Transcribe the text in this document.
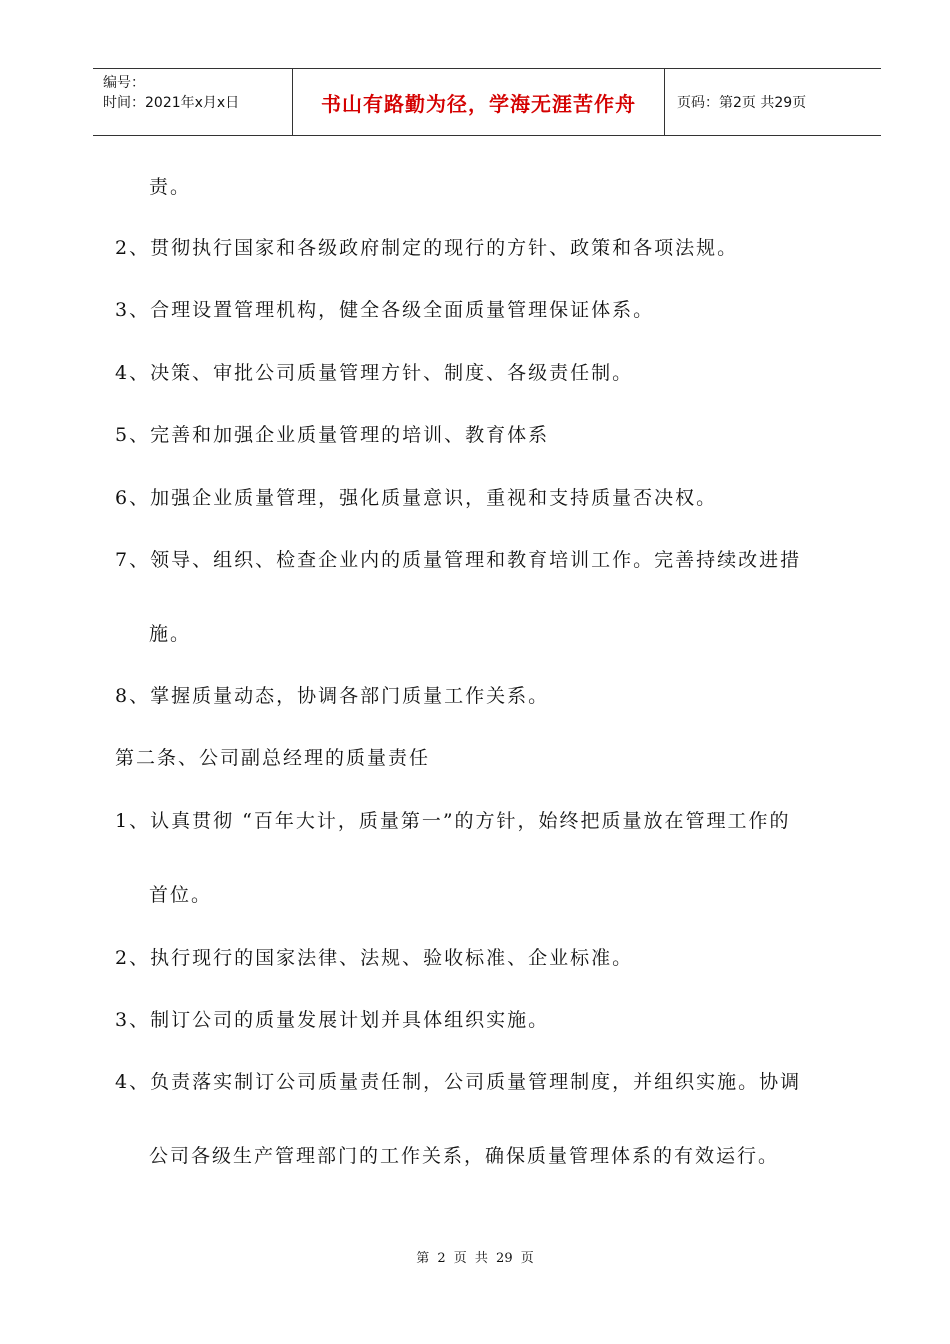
编号：
时间：2021年x月x日	书山有路勤为径，学海无涯苦作舟	页码：第2页 共29页
责。
2、贯彻执行国家和各级政府制定的现行的方针、政策和各项法规。
3、合理设置管理机构，健全各级全面质量管理保证体系。
4、决策、审批公司质量管理方针、制度、各级责任制。
5、完善和加强企业质量管理的培训、教育体系
6、加强企业质量管理，强化质量意识，重视和支持质量否决权。
7、领导、组织、检查企业内的质量管理和教育培训工作。完善持续改进措
施。
8、掌握质量动态，协调各部门质量工作关系。
第二条、公司副总经理的质量责任
1、认真贯彻 “百年大计，质量第一”的方针，始终把质量放在管理工作的
首位。
2、执行现行的国家法律、法规、验收标准、企业标准。
3、制订公司的质量发展计划并具体组织实施。
4、负责落实制订公司质量责任制，公司质量管理制度，并组织实施。协调
公司各级生产管理部门的工作关系，确保质量管理体系的有效运行。
第 2 页 共 29 页
